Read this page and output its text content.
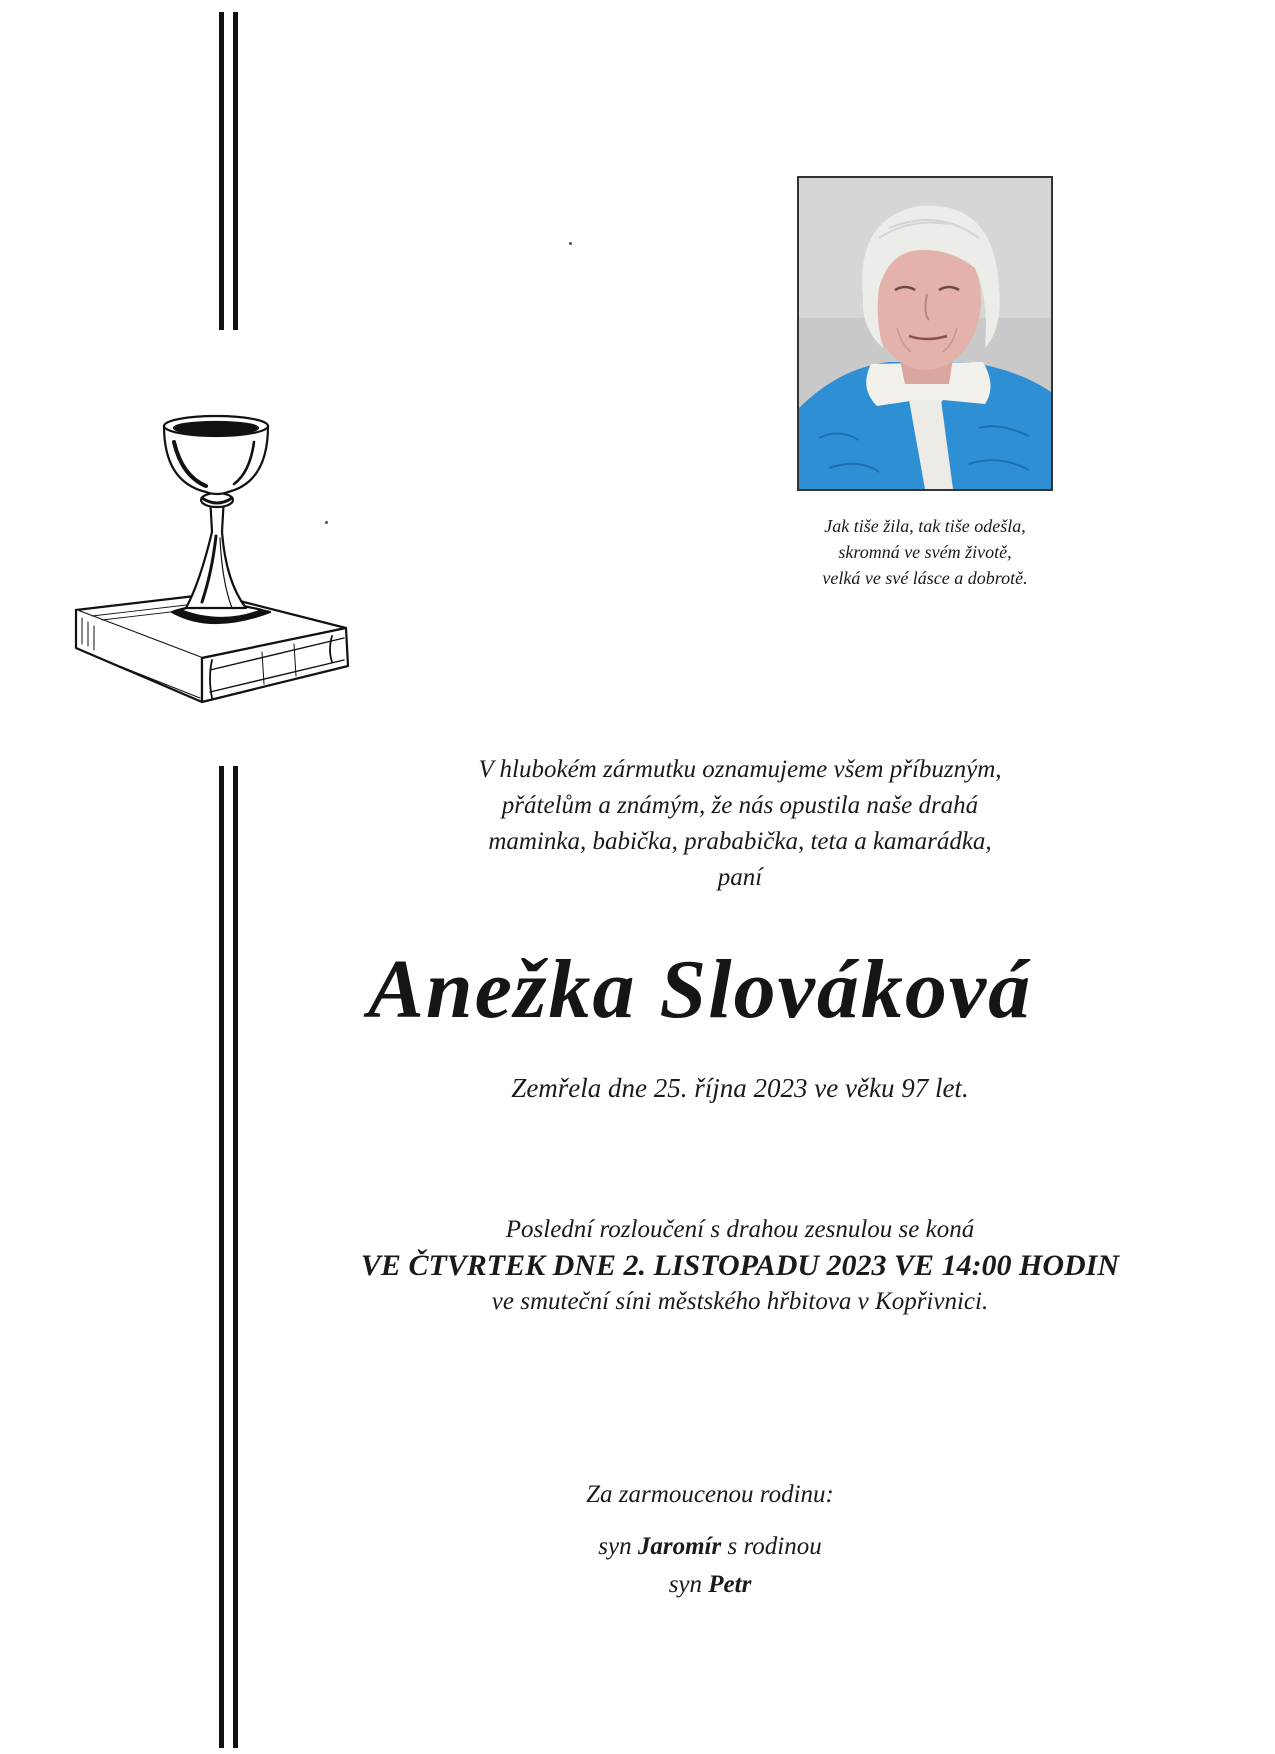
Jak tiše žila, tak tiše odešla,
skromná ve svém životě,
velká ve své lásce a dobrotě.
V hlubokém zármutku oznamujeme všem příbuzným,
přátelům a známým, že nás opustila naše drahá
maminka, babička, prababička, teta a kamarádka,
paní
Anežka Slováková
Zemřela dne 25. října 2023 ve věku 97 let.
Poslední rozloučení s drahou zesnulou se koná
VE ČTVRTEK DNE 2. LISTOPADU 2023 VE 14:00 HODIN
ve smuteční síni městského hřbitova v Kopřivnici.
Za zarmoucenou rodinu:
syn Jaromír s rodinou
syn Petr
